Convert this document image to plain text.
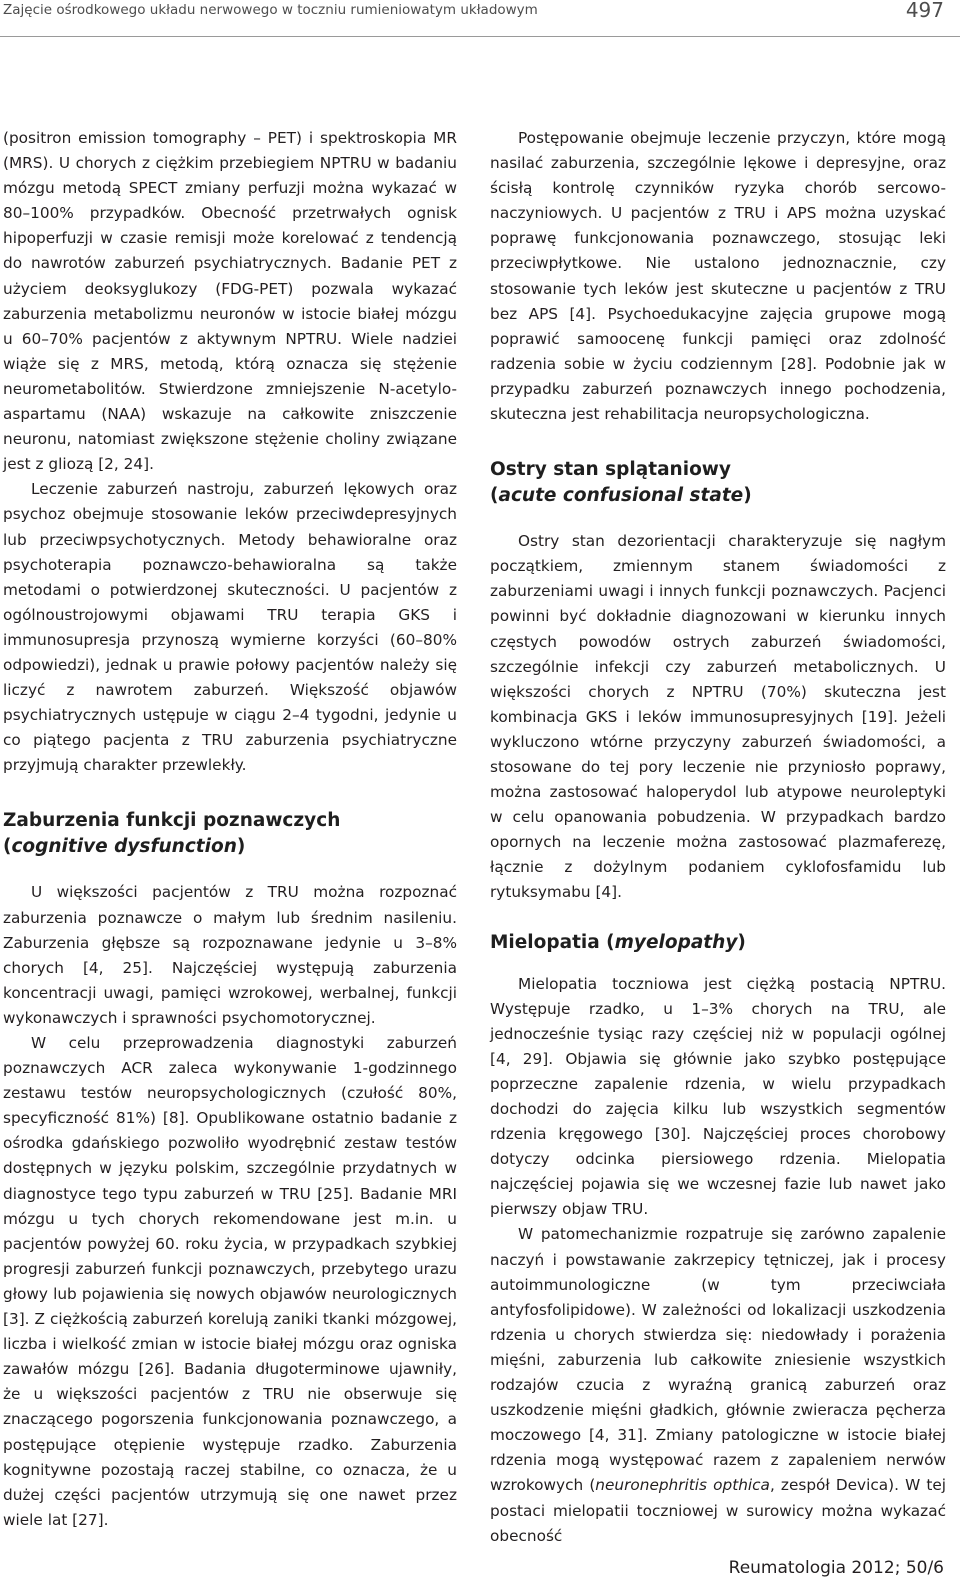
Zajęcie ośrodkowego układu nerwowego w toczniu rumieniowatym układowym	497

(positron emission tomography – PET) i spektroskopia MR (MRS). U chorych z ciężkim przebiegiem NPTRU w badaniu mózgu metodą SPECT zmiany perfuzji można wykazać w 80–100% przypadków. Obecność przetrwałych ognisk hipoperfuzji w czasie remisji może korelować z tendencją do nawrotów zaburzeń psychiatrycznych. Badanie PET z użyciem deoksyglukozy (FDG-PET) pozwala wykazać zaburzenia metabolizmu neuronów w istocie białej mózgu u 60–70% pacjentów z aktywnym NPTRU. Wiele nadziei wiąże się z MRS, metodą, którą oznacza się stężenie neurometabolitów. Stwierdzone zmniejszenie N-acetylo-aspartamu (NAA) wskazuje na całkowite zniszczenie neuronu, natomiast zwiększone stężenie choliny związane jest z gliozą [2, 24].

Leczenie zaburzeń nastroju, zaburzeń lękowych oraz psychoz obejmuje stosowanie leków przeciwdepresyjnych lub przeciwpsychotycznych. Metody behawioralne oraz psychoterapia poznawczo-behawioralna są także metodami o potwierdzonej skuteczności. U pacjentów z ogólnoustrojowymi objawami TRU terapia GKS i immunosupresja przynoszą wymierne korzyści (60–80% odpowiedzi), jednak u prawie połowy pacjentów należy się liczyć z nawrotem zaburzeń. Większość objawów psychiatrycznych ustępuje w ciągu 2–4 tygodni, jedynie u co piątego pacjenta z TRU zaburzenia psychiatryczne przyjmują charakter przewlekły.

Zaburzenia funkcji poznawczych
(cognitive dysfunction)

U większości pacjentów z TRU można rozpoznać zaburzenia poznawcze o małym lub średnim nasileniu. Zaburzenia głębsze są rozpoznawane jedynie u 3–8% chorych [4, 25]. Najczęściej występują zaburzenia koncentracji uwagi, pamięci wzrokowej, werbalnej, funkcji wykonawczych i sprawności psychomotorycznej.

W celu przeprowadzenia diagnostyki zaburzeń poznawczych ACR zaleca wykonywanie 1-godzinnego zestawu testów neuropsychologicznych (czułość 80%, specyficzność 81%) [8]. Opublikowane ostatnio badanie z ośrodka gdańskiego pozwoliło wyodrębnić zestaw testów dostępnych w języku polskim, szczególnie przydatnych w diagnostyce tego typu zaburzeń w TRU [25]. Badanie MRI mózgu u tych chorych rekomendowane jest m.in. u pacjentów powyżej 60. roku życia, w przypadkach szybkiej progresji zaburzeń funkcji poznawczych, przebytego urazu głowy lub pojawienia się nowych objawów neurologicznych [3]. Z ciężkością zaburzeń korelują zaniki tkanki mózgowej, liczba i wielkość zmian w istocie białej mózgu oraz ogniska zawałów mózgu [26]. Badania długoterminowe ujawniły, że u większości pacjentów z TRU nie obserwuje się znaczącego pogorszenia funkcjonowania poznawczego, a postępujące otępienie występuje rzadko. Zaburzenia kognitywne pozostają raczej stabilne, co oznacza, że u dużej części pacjentów utrzymują się one nawet przez wiele lat [27].

Postępowanie obejmuje leczenie przyczyn, które mogą nasilać zaburzenia, szczególnie lękowe i depresyjne, oraz ścisłą kontrolę czynników ryzyka chorób sercowo-naczyniowych. U pacjentów z TRU i APS można uzyskać poprawę funkcjonowania poznawczego, stosując leki przeciwpłytkowe. Nie ustalono jednoznacznie, czy stosowanie tych leków jest skuteczne u pacjentów z TRU bez APS [4]. Psychoedukacyjne zajęcia grupowe mogą poprawić samoocenę funkcji pamięci oraz zdolność radzenia sobie w życiu codziennym [28]. Podobnie jak w przypadku zaburzeń poznawczych innego pochodzenia, skuteczna jest rehabilitacja neuropsychologiczna.

Ostry stan splątaniowy
(acute confusional state)

Ostry stan dezorientacji charakteryzuje się nagłym początkiem, zmiennym stanem świadomości z zaburzeniami uwagi i innych funkcji poznawczych. Pacjenci powinni być dokładnie diagnozowani w kierunku innych częstych powodów ostrych zaburzeń świadomości, szczególnie infekcji czy zaburzeń metabolicznych. U większości chorych z NPTRU (70%) skuteczna jest kombinacja GKS i leków immunosupresyjnych [19]. Jeżeli wykluczono wtórne przyczyny zaburzeń świadomości, a stosowane do tej pory leczenie nie przyniosło poprawy, można zastosować haloperydol lub atypowe neuroleptyki w celu opanowania pobudzenia. W przypadkach bardzo opornych na leczenie można zastosować plazmaferezę, łącznie z dożylnym podaniem cyklofosfamidu lub rytuksymabu [4].

Mielopatia (myelopathy)

Mielopatia toczniowa jest ciężką postacią NPTRU. Występuje rzadko, u 1–3% chorych na TRU, ale jednocześnie tysiąc razy częściej niż w populacji ogólnej [4, 29]. Objawia się głównie jako szybko postępujące poprzeczne zapalenie rdzenia, w wielu przypadkach dochodzi do zajęcia kilku lub wszystkich segmentów rdzenia kręgowego [30]. Najczęściej proces chorobowy dotyczy odcinka piersiowego rdzenia. Mielopatia najczęściej pojawia się we wczesnej fazie lub nawet jako pierwszy objaw TRU.

W patomechanizmie rozpatruje się zarówno zapalenie naczyń i powstawanie zakrzepicy tętniczej, jak i procesy autoimmunologiczne (w tym przeciwciała antyfosfolipidowe). W zależności od lokalizacji uszkodzenia rdzenia u chorych stwierdza się: niedowłady i porażenia mięśni, zaburzenia lub całkowite zniesienie wszystkich rodzajów czucia z wyraźną granicą zaburzeń oraz uszkodzenie mięśni gładkich, głównie zwieracza pęcherza moczowego [4, 31]. Zmiany patologiczne w istocie białej rdzenia mogą występować razem z zapaleniem nerwów wzrokowych (neuronephritis opthica, zespół Devica). W tej postaci mielopatii toczniowej w surowicy można wykazać obecność

Reumatologia 2012; 50/6
